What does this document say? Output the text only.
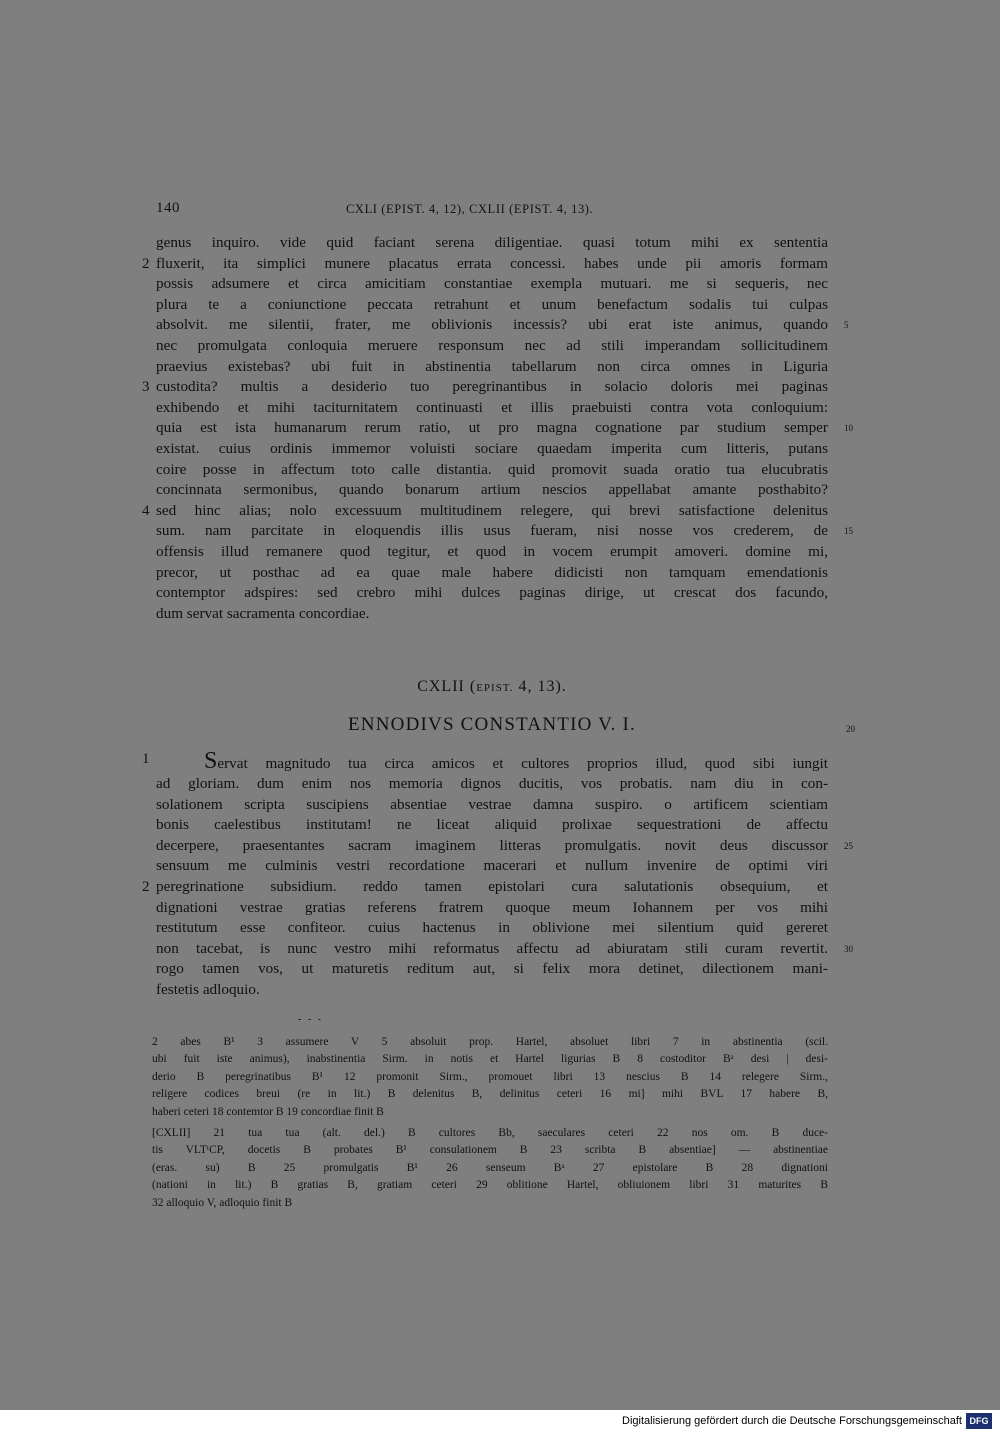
140	CXLI (EPIST. 4, 12), CXLII (EPIST. 4, 13).
genus inquiro. vide quid faciant serena diligentiae. quasi totum mihi ex sententia
2 fluxerit, ita simplici munere placatus errata concessi. habes unde pii amoris formam
possis adsumere et circa amicitiam constantiae exempla mutuari. me si sequeris, nec
plura te a coniunctione peccata retrahunt et unum benefactum sodalis tui culpas
absolvit. me silentii, frater, me oblivionis incessis? ubi erat iste animus, quando 5
nec promulgata conloquia meruere responsum nec ad stili imperandam sollicitudinem
praevius existebas? ubi fuit in abstinentia tabellarum non circa omnes in Liguria
3 custodita? multis a desiderio tuo peregrinantibus in solacio doloris mei paginas
exhibendo et mihi taciturnitatem continuasti et illis praebuisti contra vota conloquium:
quia est ista humanarum rerum ratio, ut pro magna cognatione par studium semper 10
existat. cuius ordinis immemor voluisti sociare quaedam imperita cum litteris, putans
coire posse in affectum toto calle distantia. quid promovit suada oratio tua elucubratis
concinnata sermonibus, quando bonarum artium nescios appellabat amante posthabito?
4 sed hinc alias; nolo excessuum multitudinem relegere, qui brevi satisfactione delenitus
sum. nam parcitate in eloquendis illis usus fueram, nisi nosse vos crederem, de 15
offensis illud remanere quod tegitur, et quod in vocem erumpit amoveri. domine mi,
precor, ut posthac ad ea quae male habere didicisti non tamquam emendationis
contemptor adspires: sed crebro mihi dulces paginas dirige, ut crescat dos facundo,
dum servat sacramenta concordiae.
CXLII (EPIST. 4, 13).
ENNODIVS CONSTANTIO V. I.	20
1 Servat magnitudo tua circa amicos et cultores proprios illud, quod sibi iungit
ad gloriam. dum enim nos memoria dignos ducitis, vos probatis. nam diu in con-
solationem scripta suscipiens absentiae vestrae damna suspiro. o artificem scientiam
bonis caelestibus institutam! ne liceat aliquid prolixae sequestrationi de affectu
decerpere, praesentantes sacram imaginem litteras promulgatis. novit deus discussor 25
sensuum me culminis vestri recordatione macerari et nullum invenire de optimi viri
2 peregrinatione subsidium. reddo tamen epistolari cura salutationis obsequium, et
dignationi vestrae gratias referens fratrem quoque meum Iohannem per vos mihi
restitutum esse confiteor. cuius hactenus in oblivione mei silentium quid gereret
non tacebat, is nunc vestro mihi reformatus affectu ad abiuratam stili curam revertit. 30
rogo tamen vos, ut maturetis reditum aut, si felix mora detinet, dilectionem mani-
festetis adloquio.
- - -
2 abes B¹ 3 assumere V 5 absoluit prop. Hartel, absoluet libri 7 in abstinentia (scil.
ubi fuit iste animus), inabstinentia Sirm. in notis et Hartel ligurias B 8 costoditor Bᵃ desi | desi-
derio B peregrinatibus B¹ 12 promonit Sirm., promouet libri 13 nescius B 14 relegere Sirm.,
religere codices breui (re in lit.) B delenitus B, delinitus ceteri 16 mi] mihi BVL 17 habere B,
haberi ceteri 18 contemtor B 19 concordiae finit B
[CXLII] 21 tua tua (alt. del.) B cultores Bb, saeculares ceteri 22 nos om. B duce-
tis VLTᵗCP, docetis B probates B¹ consulationem B 23 scribta B absentiae] — abstinentiae
(eras. su) B 25 promulgatis B¹ 26 senseum Bᵃ 27 epistolare B 28 dignationi
(nationi in lit.) B gratias B, gratiam ceteri 29 oblitione Hartel, obliuionem libri 31 maturites B
32 alloquio V, adloquio finit B
Digitalisierung gefördert durch die Deutsche Forschungsgemeinschaft DFG
